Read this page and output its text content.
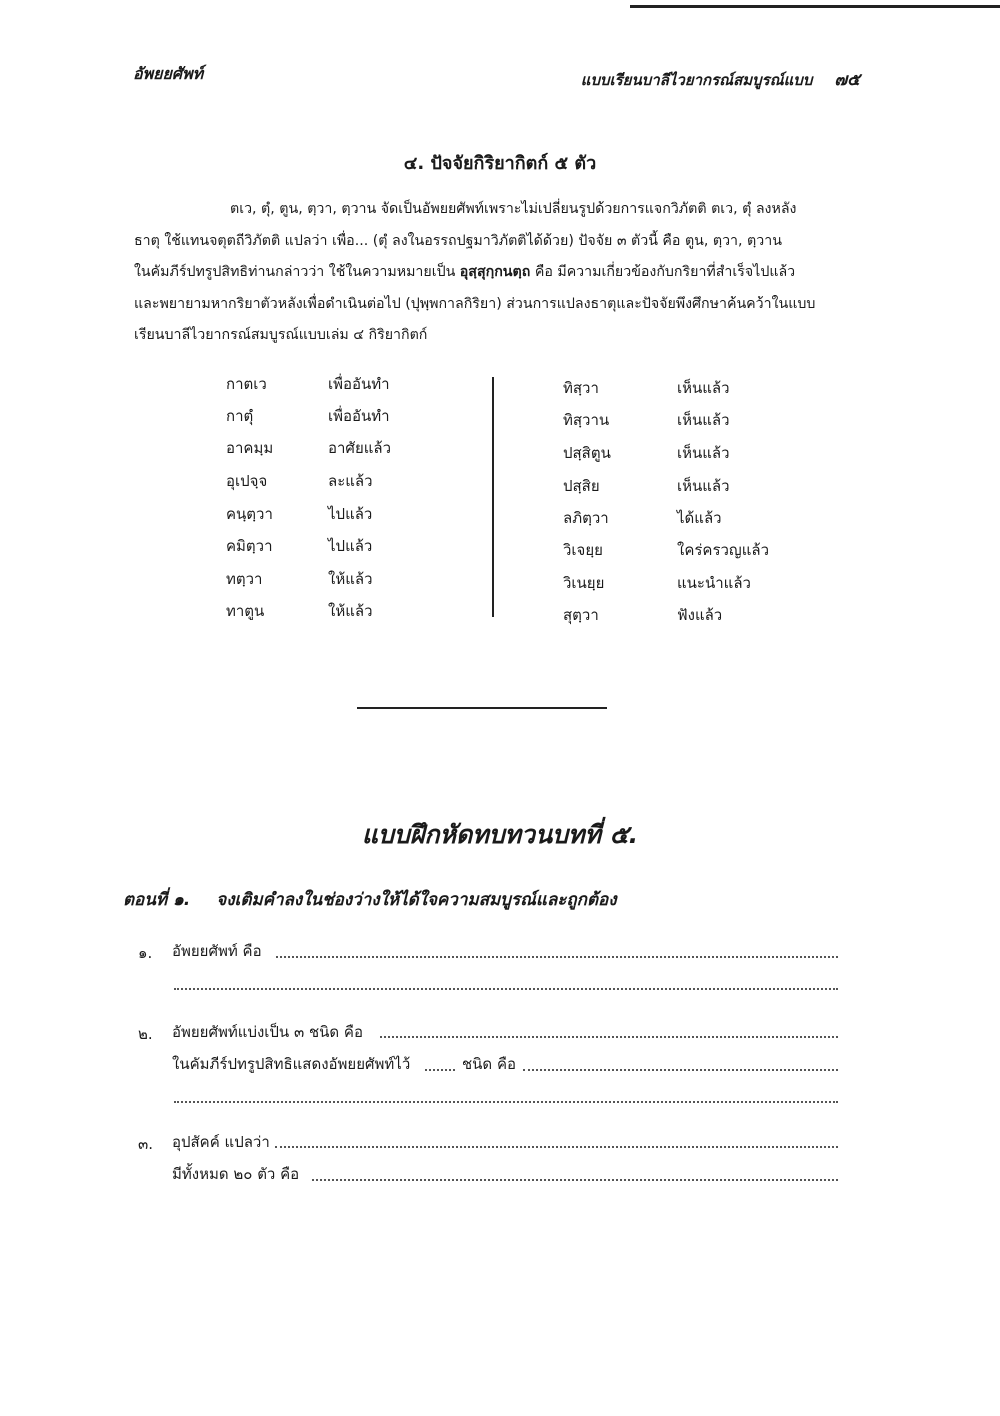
อัพยยศัพท์	แบบเรียนบาลีไวยากรณ์สมบูรณ์แบบ ๗๕
๔. ปัจจัยกิริยากิตก์ ๕ ตัว
ตเว, ตุํ, ตูน, ตฺวา, ตฺวาน จัดเป็นอัพยยศัพท์เพราะไม่เปลี่ยนรูปด้วยการแจกวิภัตติ ตเว, ตุํ ลงหลัง
ธาตุ ใช้แทนจตุตถีวิภัตติ แปลว่า เพื่อ... (ตุํ ลงในอรรถปฐมาวิภัตติได้ด้วย) ปัจจัย ๓ ตัวนี้ คือ ตูน, ตฺวา, ตฺวาน
ในคัมภีร์ปทรูปสิทธิท่านกล่าวว่า ใช้ในความหมายเป็น อุสฺสุกฺกนตฺถ คือ มีความเกี่ยวข้องกับกริยาที่สำเร็จไปแล้ว
และพยายามหากริยาตัวหลังเพื่อดำเนินต่อไป (ปุพฺพกาลกิริยา) ส่วนการแปลงธาตุและปัจจัยพึงศึกษาค้นคว้าในแบบ
เรียนบาลีไวยากรณ์สมบูรณ์แบบเล่ม ๔ กิริยากิตก์
กาตเว	เพื่ออันทำ
กาตุํ	เพื่ออันทำ
อาคมฺม	อาศัยแล้ว
อุเปจฺจ	ละแล้ว
คนฺตฺวา	ไปแล้ว
คมิตฺวา	ไปแล้ว
ทตฺวา	ให้แล้ว
ทาตูน	ให้แล้ว
ทิสฺวา	เห็นแล้ว
ทิสฺวาน	เห็นแล้ว
ปสฺสิตูน	เห็นแล้ว
ปสฺสิย	เห็นแล้ว
ลภิตฺวา	ได้แล้ว
วิเจยฺย	ใคร่ครวญแล้ว
วิเนยฺย	แนะนำแล้ว
สุตฺวา	ฟังแล้ว
แบบฝึกหัดทบทวนบทที่ ๕.
ตอนที่ ๑. จงเติมคำลงในช่องว่างให้ได้ใจความสมบูรณ์และถูกต้อง
๑. อัพยยศัพท์ คือ
๒. อัพยยศัพท์แบ่งเป็น ๓ ชนิด คือ
ในคัมภีร์ปทรูปสิทธิแสดงอัพยยศัพท์ไว้	ชนิด คือ
๓. อุปสัคค์ แปลว่า
มีทั้งหมด ๒๐ ตัว คือ
